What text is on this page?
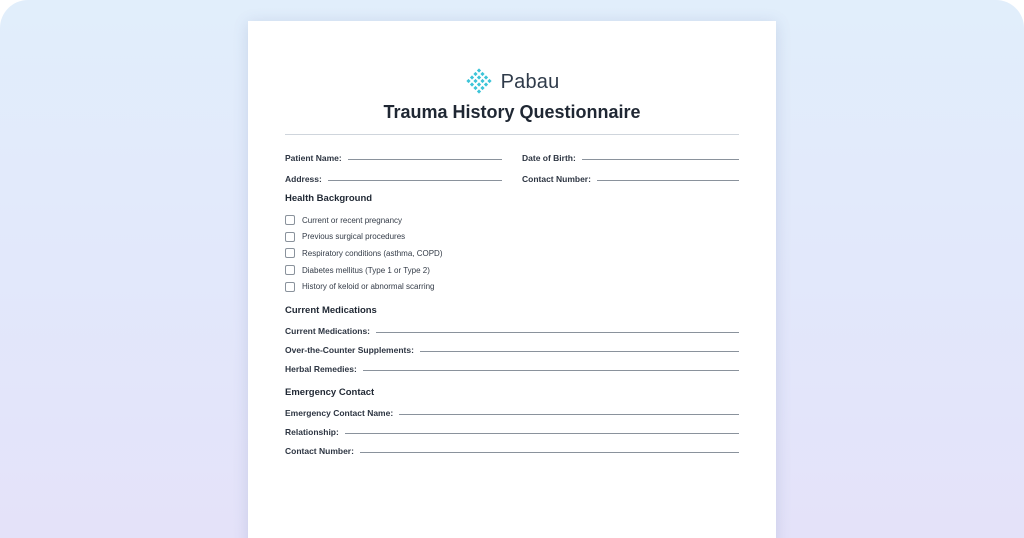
Pabau
Trauma History Questionnaire
Patient Name:	Date of Birth:
Address:	Contact Number:
Health Background
Current or recent pregnancy
Previous surgical procedures
Respiratory conditions (asthma, COPD)
Diabetes mellitus (Type 1 or Type 2)
History of keloid or abnormal scarring
Current Medications
Current Medications:
Over-the-Counter Supplements:
Herbal Remedies:
Emergency Contact
Emergency Contact Name:
Relationship:
Contact Number:
